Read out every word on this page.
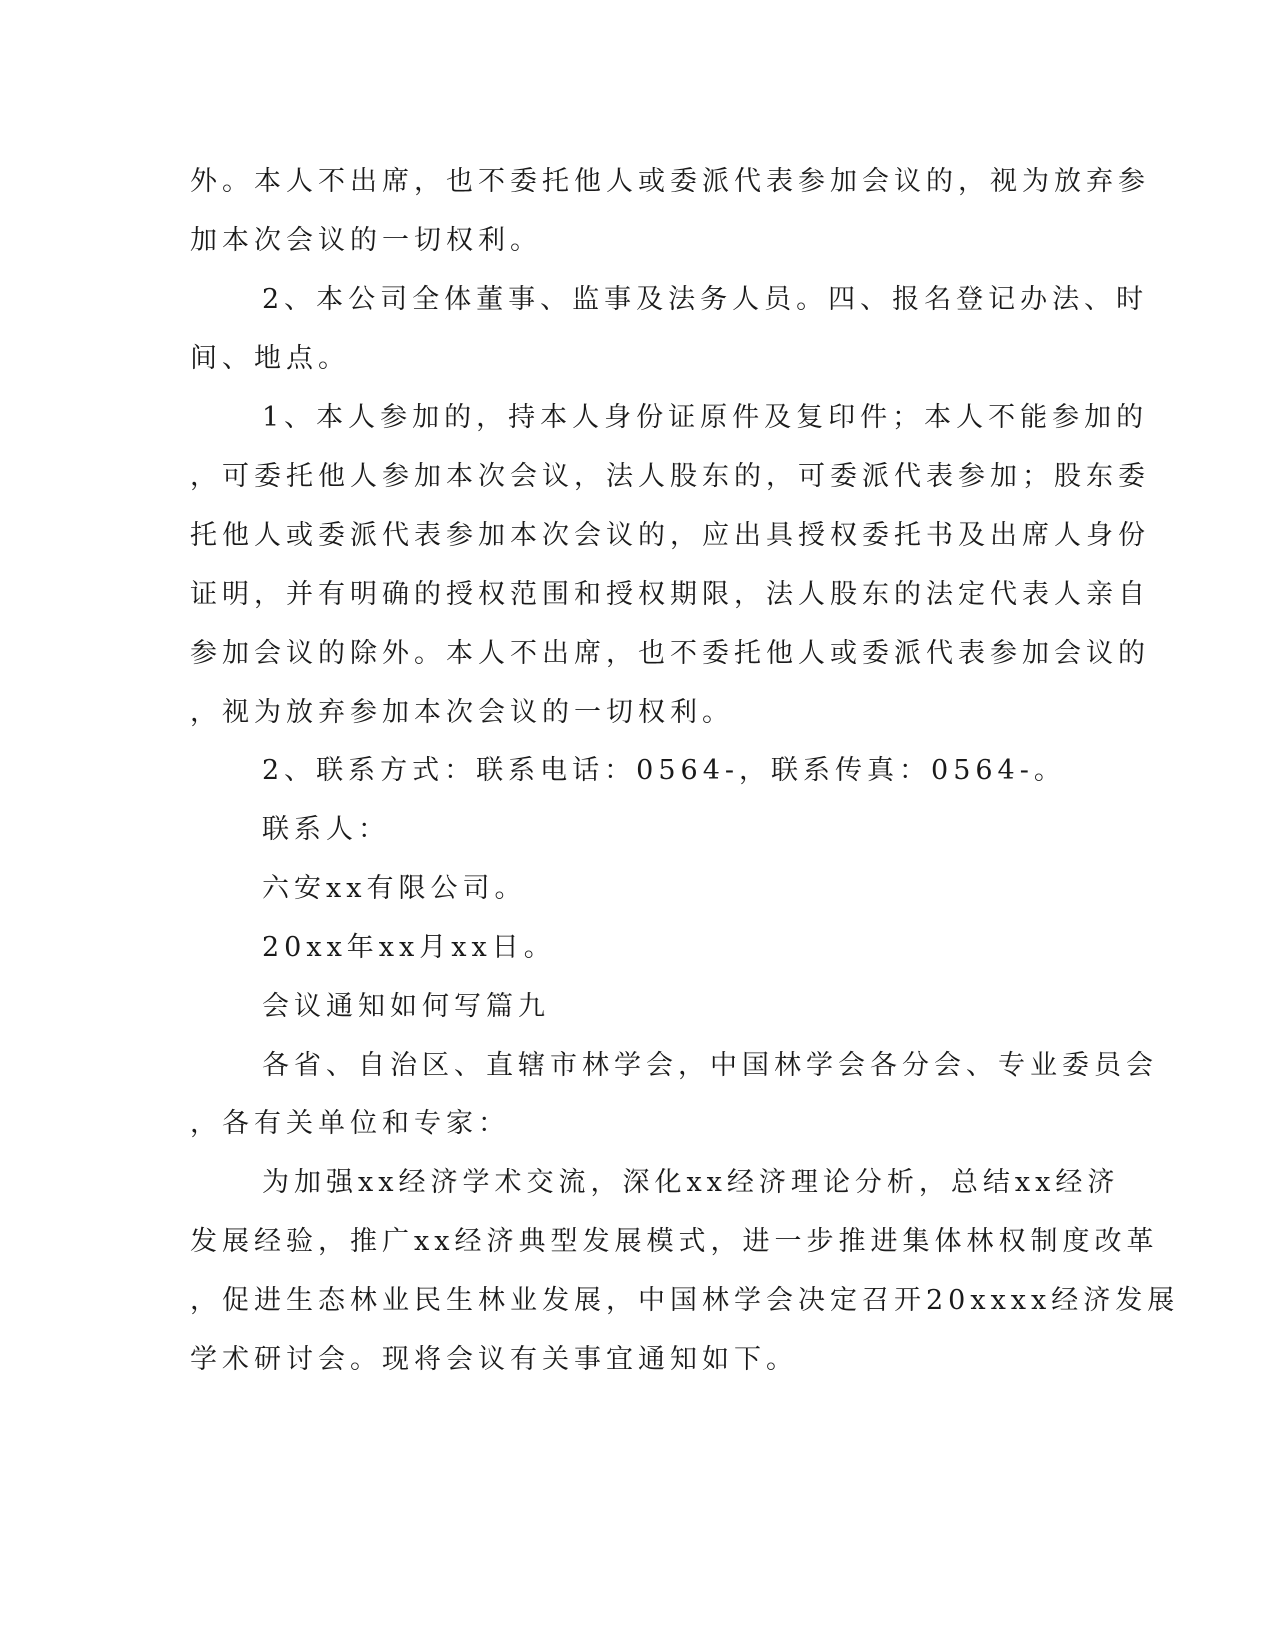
外。本人不出席，也不委托他人或委派代表参加会议的，视为放弃参
加本次会议的一切权利。
2、本公司全体董事、监事及法务人员。四、报名登记办法、时
间、地点。
1、本人参加的，持本人身份证原件及复印件；本人不能参加的
，可委托他人参加本次会议，法人股东的，可委派代表参加；股东委
托他人或委派代表参加本次会议的，应出具授权委托书及出席人身份
证明，并有明确的授权范围和授权期限，法人股东的法定代表人亲自
参加会议的除外。本人不出席，也不委托他人或委派代表参加会议的
，视为放弃参加本次会议的一切权利。
2、联系方式：联系电话：0564-，联系传真：0564-。
联系人：
六安xx有限公司。
20xx年xx月xx日。
会议通知如何写篇九
各省、自治区、直辖市林学会，中国林学会各分会、专业委员会
，各有关单位和专家：
为加强xx经济学术交流，深化xx经济理论分析，总结xx经济
发展经验，推广xx经济典型发展模式，进一步推进集体林权制度改革
，促进生态林业民生林业发展，中国林学会决定召开20xxxx经济发展
学术研讨会。现将会议有关事宜通知如下。
